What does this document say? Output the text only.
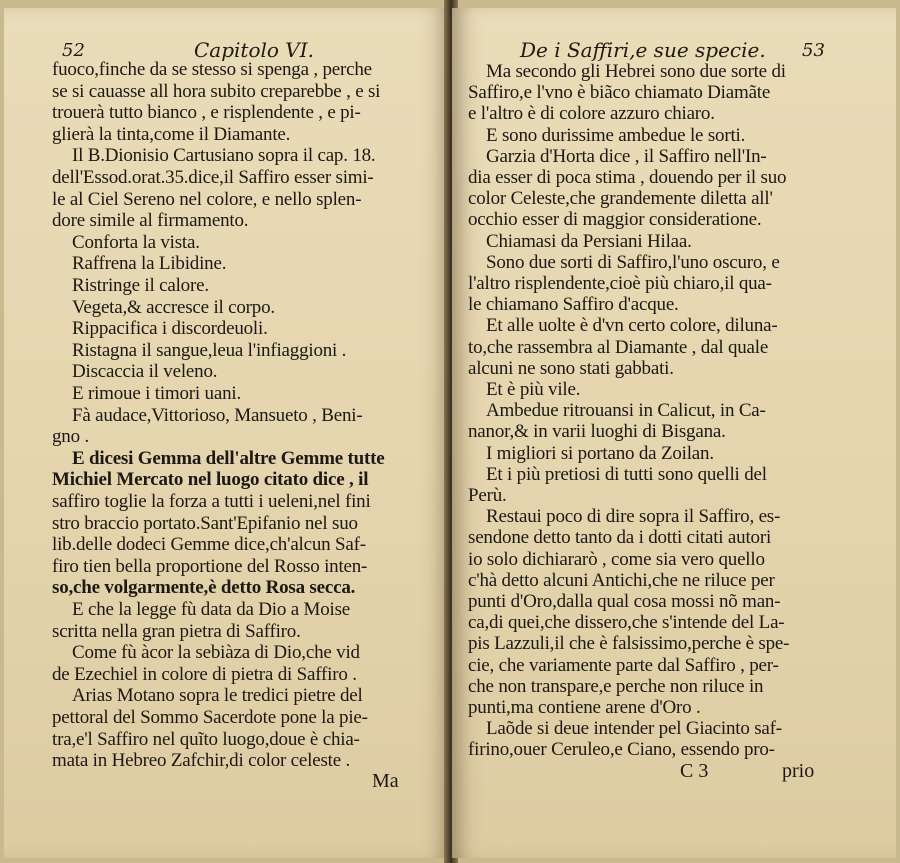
52	Capitolo VI.
fuoco,finche da se stesso si spenga , perche
se si cauasse all hora subito creparebbe , e si
trouerà tutto bianco , e risplendente , e pi-
glierà la tinta,come il Diamante.
Il B.Dionisio Cartusiano sopra il cap. 18.
dell'Essod.orat.35.dice,il Saffiro esser simi-
le al Ciel Sereno nel colore, e nello splen-
dore simile al firmamento.
Conforta la vista.
Raffrena la Libidine.
Ristringe il calore.
Vegeta,& accresce il corpo.
Rippacifica i discordeuoli.
Ristagna il sangue,leua l'infiaggioni .
Discaccia il veleno.
E rimoue i timori uani.
Fà audace,Vittorioso, Mansueto , Beni-
gno .
E dicesi Gemma dell'altre Gemme tutte
Michiel Mercato nel luogo citato dice , il
saffiro toglie la forza a tutti i ueleni,nel fini
stro braccio portato.Sant'Epifanio nel suo
lib.delle dodeci Gemme dice,ch'alcun Saf-
firo tien bella proportione del Rosso inten-
so,che volgarmente,è detto Rosa secca.
E che la legge fù data da Dio a Moise
scritta nella gran pietra di Saffiro.
Come fù àcor la sebiàza di Dio,che vid
de Ezechiel in colore di pietra di Saffiro .
Arias Motano sopra le tredici pietre del
pettoral del Sommo Sacerdote pone la pie-
tra,e'l Saffiro nel quĩto luogo,doue è chia-
mata in Hebreo Zafchir,di color celeste .
Ma
De i Saffiri,e sue specie. 53
Ma secondo gli Hebrei sono due sorte di
Saffiro,e l'vno è biãco chiamato Diamãte
e l'altro è di colore azzuro chiaro.
E sono durissime ambedue le sorti.
Garzia d'Horta dice , il Saffiro nell'In-
dia esser di poca stima , douendo per il suo
color Celeste,che grandemente diletta all'
occhio esser di maggior consideratione.
Chiamasi da Persiani Hilaa.
Sono due sorti di Saffiro,l'uno oscuro, e
l'altro risplendente,cioè più chiaro,il qua-
le chiamano Saffiro d'acque.
Et alle uolte è d'vn certo colore, diluna-
to,che rassembra al Diamante , dal quale
alcuni ne sono stati gabbati.
Et è più vile.
Ambedue ritrouansi in Calicut, in Ca-
nanor,& in varii luoghi di Bisgana.
I migliori si portano da Zoilan.
Et i più pretiosi di tutti sono quelli del
Perù.
Restaui poco di dire sopra il Saffiro, es-
sendone detto tanto da i dotti citati autori
io solo dichiararò , come sia vero quello
c'hà detto alcuni Antichi,che ne riluce per
punti d'Oro,dalla qual cosa mossi nõ man-
ca,di quei,che dissero,che s'intende del La-
pis Lazzuli,il che è falsissimo,perche è spe-
cie, che variamente parte dal Saffiro , per-
che non transpare,e perche non riluce in
punti,ma contiene arene d'Oro .
Laõde si deue intender pel Giacinto saf-
firino,ouer Ceruleo,e Ciano, essendo pro-
C 3	prio
